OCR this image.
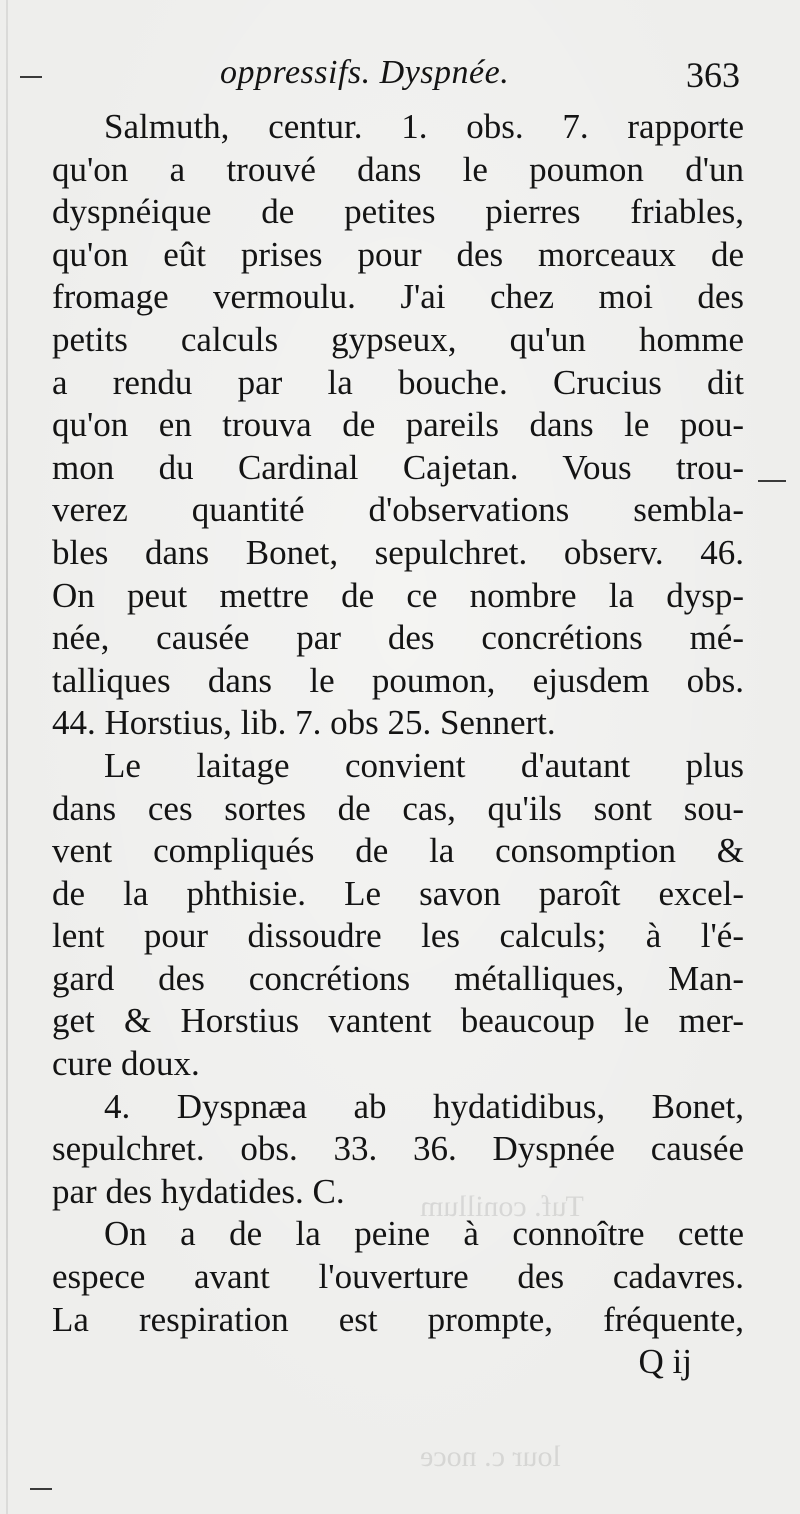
Tuf. conillum
lour c. noce
oppressifs. Dyspnée.	363
Salmuth, centur. 1. obs. 7. rapporte
qu'on a trouvé dans le poumon d'un
dyspnéique de petites pierres friables,
qu'on eût prises pour des morceaux de
fromage vermoulu. J'ai chez moi des
petits calculs gypseux, qu'un homme
a rendu par la bouche. Crucius dit
qu'on en trouva de pareils dans le pou-
mon du Cardinal Cajetan. Vous trou-
verez quantité d'observations sembla-
bles dans Bonet, sepulchret. observ. 46.
On peut mettre de ce nombre la dysp-
née, causée par des concrétions mé-
talliques dans le poumon, ejusdem obs.
44. Horstius, lib. 7. obs 25. Sennert.
Le laitage convient d'autant plus
dans ces sortes de cas, qu'ils sont sou-
vent compliqués de la consomption &
de la phthisie. Le savon paroît excel-
lent pour dissoudre les calculs; à l'é-
gard des concrétions métalliques, Man-
get & Horstius vantent beaucoup le mer-
cure doux.
4. Dyspnæa ab hydatidibus, Bonet,
sepulchret. obs. 33. 36. Dyspnée causée
par des hydatides. C.
On a de la peine à connoître cette
espece avant l'ouverture des cadavres.
La respiration est prompte, fréquente,
Q ij
